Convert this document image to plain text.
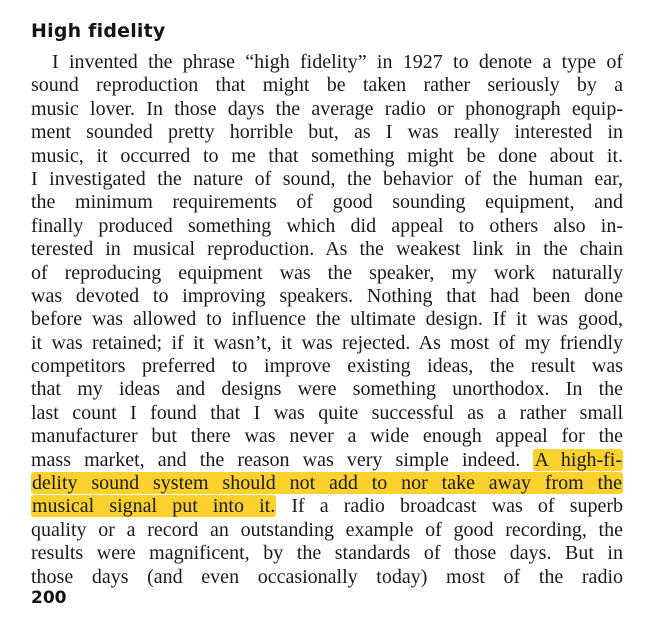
High fidelity
I invented the phrase “high fidelity” in 1927 to denote a type of
sound reproduction that might be taken rather seriously by a
music lover. In those days the average radio or phonograph equip-
ment sounded pretty horrible but, as I was really interested in
music, it occurred to me that something might be done about it.
I investigated the nature of sound, the behavior of the human ear,
the minimum requirements of good sounding equipment, and
finally produced something which did appeal to others also in-
terested in musical reproduction. As the weakest link in the chain
of reproducing equipment was the speaker, my work naturally
was devoted to improving speakers. Nothing that had been done
before was allowed to influence the ultimate design. If it was good,
it was retained; if it wasn’t, it was rejected. As most of my friendly
competitors preferred to improve existing ideas, the result was
that my ideas and designs were something unorthodox. In the
last count I found that I was quite successful as a rather small
manufacturer but there was never a wide enough appeal for the
mass market, and the reason was very simple indeed. A high-fi-
delity sound system should not add to nor take away from the
musical signal put into it. If a radio broadcast was of superb
quality or a record an outstanding example of good recording, the
results were magnificent, by the standards of those days. But in
those days (and even occasionally today) most of the radio
200
